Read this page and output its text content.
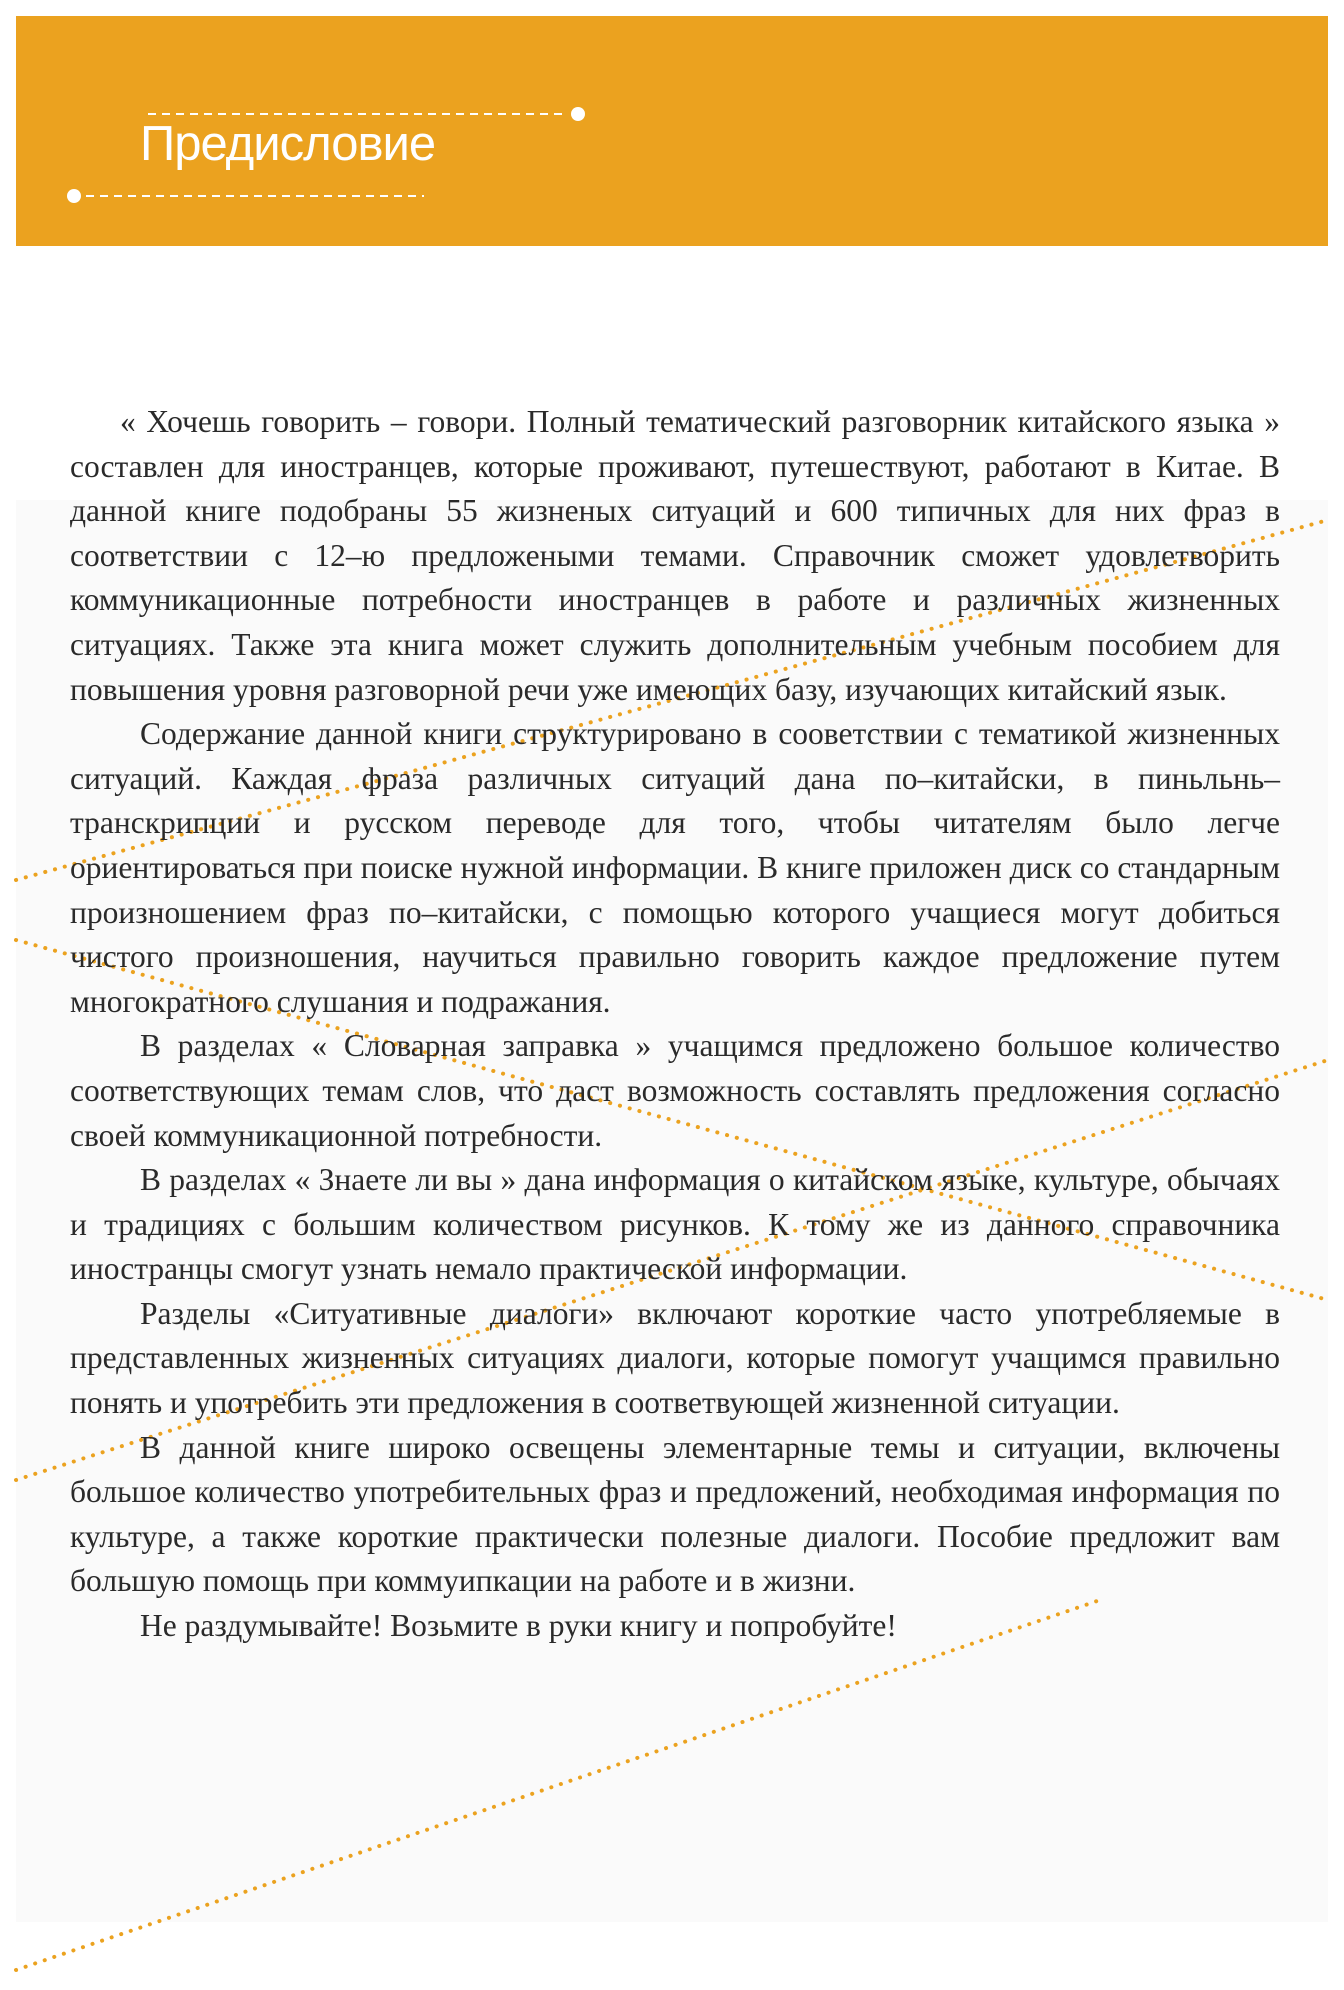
Предисловие

« Хочешь говорить – говори. Полный тематический разговорник китайского языка » составлен для иностранцев, которые проживают, путешествуют, работают в Китае. В данной книге подобраны 55 жизненых ситуаций и 600 типичных для них фраз в соответствии с 12–ю предложеными темами. Справочник сможет удовлетворить коммуникационные потребности иностранцев в работе и различных жизненных ситуациях. Также эта книга может служить дополнительным учебным пособием для повышения уровня разговорной речи уже имеющих базу, изучающих китайский язык.

Содержание данной книги структурировано в сооветствии с тематикой жизненных ситуаций. Каждая фраза различных ситуаций дана по–китайски, в пиньльнь–транскрипции и русском переводе для того, чтобы читателям было легче ориентироваться при поиске нужной информации. В книге приложен диск со стандарным произношением фраз по–китайски, с помощью которого учащиеся могут добиться чистого произношения, научиться правильно говорить каждое предложение путем многократного слушания и подражания.

В разделах « Словарная заправка » учащимся предложено большое количество соответствующих темам слов, что даст возможность составлять предложения согласно своей коммуникационной потребности.

В разделах « Знаете ли вы » дана информация о китайском языке, культуре, обычаях и традициях с большим количеством рисунков. К тому же из данного справочника иностранцы смогут узнать немало практической информации.

Разделы «Ситуативные диалоги» включают короткие часто употребляемые в представленных жизненных ситуациях диалоги, которые помогут учащимся правильно понять и употребить эти предложения в соответвующей жизненной ситуации.

В данной книге широко освещены элементарные темы и ситуации, включены большое количество употребительных фраз и предложений, необходимая информация по культуре, а также короткие практически полезные диалоги. Пособие предложит вам большую помощь при коммуипкации на работе и в жизни.

Не раздумывайте! Возьмите в руки книгу и попробуйте!
